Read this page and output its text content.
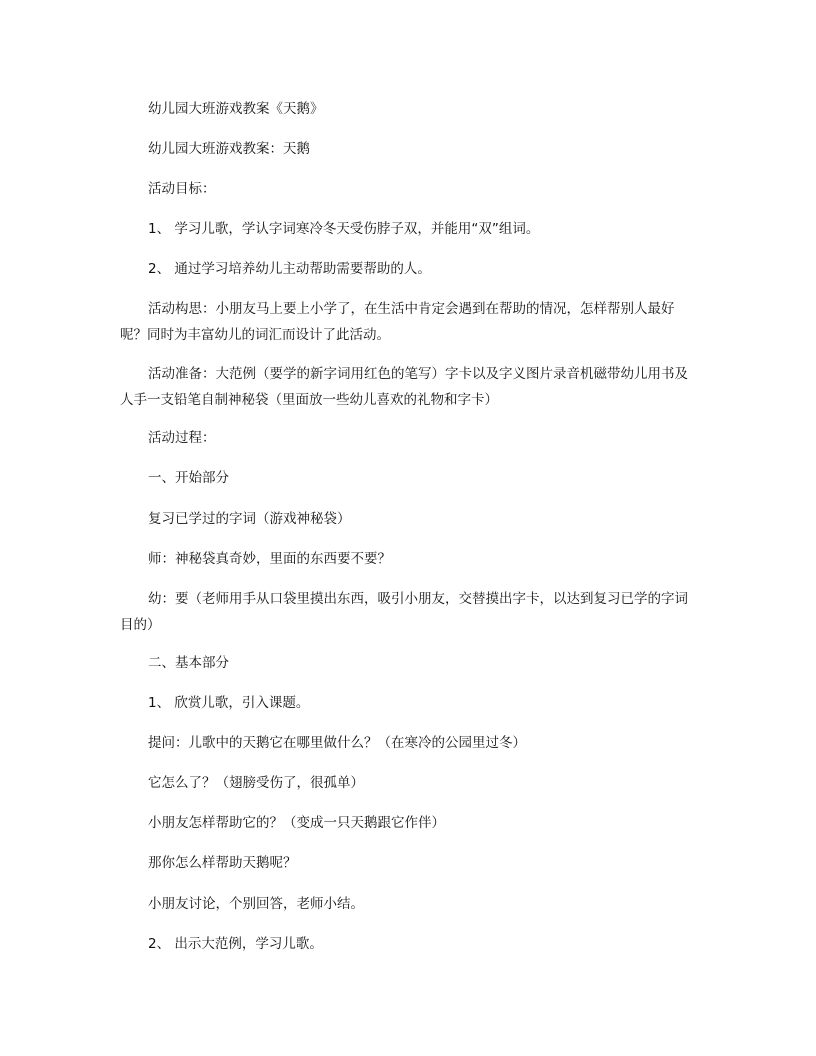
幼儿园大班游戏教案《天鹅》
幼儿园大班游戏教案：天鹅
活动目标：
1、 学习儿歌，学认字词寒冷冬天受伤脖子双，并能用“双”组词。
2、 通过学习培养幼儿主动帮助需要帮助的人。
活动构思：小朋友马上要上小学了，在生活中肯定会遇到在帮助的情况，怎样帮别人最好呢？同时为丰富幼儿的词汇而设计了此活动。
活动准备：大范例（要学的新字词用红色的笔写）字卡以及字义图片录音机磁带幼儿用书及人手一支铅笔自制神秘袋（里面放一些幼儿喜欢的礼物和字卡）
活动过程：
一、开始部分
复习已学过的字词（游戏神秘袋）
师：神秘袋真奇妙，里面的东西要不要？
幼：要（老师用手从口袋里摸出东西，吸引小朋友，交替摸出字卡，以达到复习已学的字词目的）
二、基本部分
1、 欣赏儿歌，引入课题。
提问：儿歌中的天鹅它在哪里做什么？（在寒冷的公园里过冬）
它怎么了？（翅膀受伤了，很孤单）
小朋友怎样帮助它的？（变成一只天鹅跟它作伴）
那你怎么样帮助天鹅呢？
小朋友讨论，个别回答，老师小结。
2、 出示大范例，学习儿歌。
